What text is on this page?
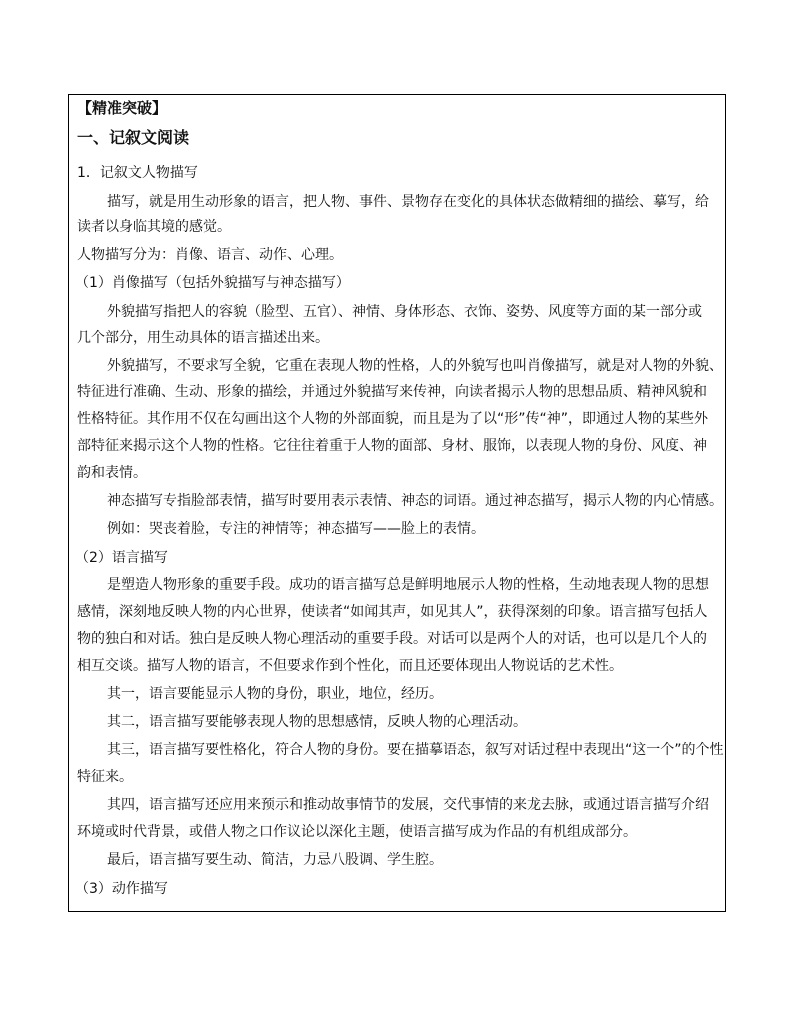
【精准突破】
一、记叙文阅读
1．记叙文人物描写
描写，就是用生动形象的语言，把人物、事件、景物存在变化的具体状态做精细的描绘、摹写，给
读者以身临其境的感觉。
人物描写分为：肖像、语言、动作、心理。
（1）肖像描写（包括外貌描写与神态描写）
外貌描写指把人的容貌（脸型、五官）、神情、身体形态、衣饰、姿势、风度等方面的某一部分或
几个部分，用生动具体的语言描述出来。
外貌描写，不要求写全貌，它重在表现人物的性格，人的外貌写也叫肖像描写，就是对人物的外貌、
特征进行准确、生动、形象的描绘，并通过外貌描写来传神，向读者揭示人物的思想品质、精神风貌和
性格特征。其作用不仅在勾画出这个人物的外部面貌，而且是为了以“形”传“神”，即通过人物的某些外
部特征来揭示这个人物的性格。它往往着重于人物的面部、身材、服饰，以表现人物的身份、风度、神
韵和表情。
神态描写专指脸部表情，描写时要用表示表情、神态的词语。通过神态描写，揭示人物的内心情感。
例如：哭丧着脸，专注的神情等；神态描写——脸上的表情。
（2）语言描写
是塑造人物形象的重要手段。成功的语言描写总是鲜明地展示人物的性格，生动地表现人物的思想
感情，深刻地反映人物的内心世界，使读者“如闻其声，如见其人”，获得深刻的印象。语言描写包括人
物的独白和对话。独白是反映人物心理活动的重要手段。对话可以是两个人的对话，也可以是几个人的
相互交谈。描写人物的语言，不但要求作到个性化，而且还要体现出人物说话的艺术性。
其一，语言要能显示人物的身份，职业，地位，经历。
其二，语言描写要能够表现人物的思想感情，反映人物的心理活动。
其三，语言描写要性格化，符合人物的身份。要在描摹语态，叙写对话过程中表现出“这一个”的个性
特征来。
其四，语言描写还应用来预示和推动故事情节的发展，交代事情的来龙去脉，或通过语言描写介绍
环境或时代背景，或借人物之口作议论以深化主题，使语言描写成为作品的有机组成部分。
最后，语言描写要生动、简洁，力忌八股调、学生腔。
（3）动作描写
